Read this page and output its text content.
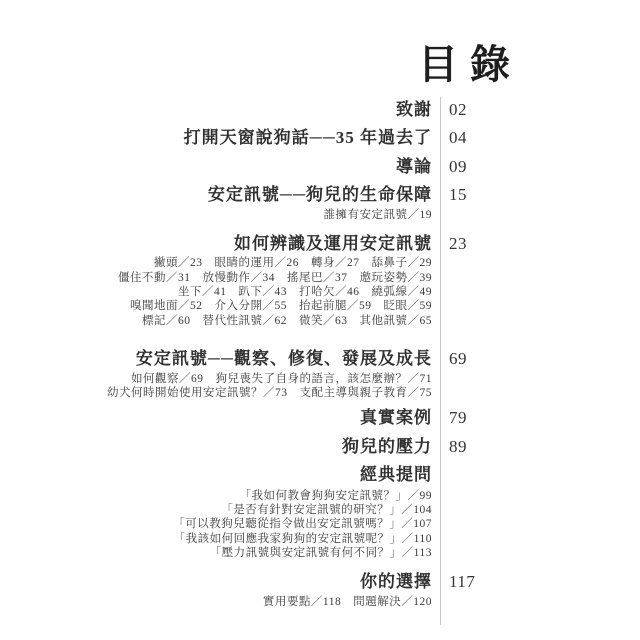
目錄
致謝 02
打開天窗說狗話──35 年過去了 04
導論 09
安定訊號──狗兒的生命保障 15
誰擁有安定訊號／19
如何辨識及運用安定訊號 23
撇頭／23　眼睛的運用／26　轉身／27　舔鼻子／29
僵住不動／31　放慢動作／34　搖尾巴／37　邀玩姿勢／39
坐下／41　趴下／43　打哈欠／46　繞弧線／49
嗅聞地面／52　介入分開／55　抬起前腿／59　眨眼／59
標記／60　替代性訊號／62　微笑／63　其他訊號／65
安定訊號──觀察、修復、發展及成長 69
如何觀察／69　狗兒喪失了自身的語言，該怎麼辦？／71
幼犬何時開始使用安定訊號？／73　支配主導與親子教育／75
真實案例 79
狗兒的壓力 89
經典提問
「我如何教會狗狗安定訊號？」／99
「是否有針對安定訊號的研究？」／104
「可以教狗兒聽從指令做出安定訊號嗎？」／107
「我該如何回應我家狗狗的安定訊號呢？」／110
「壓力訊號與安定訊號有何不同？」／113
你的選擇 117
實用要點／118　問題解決／120
